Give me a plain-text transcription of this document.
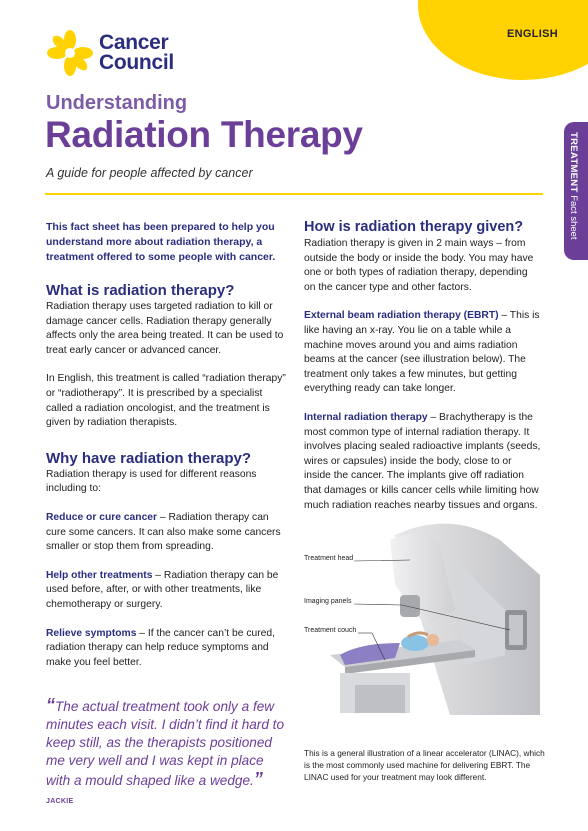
ENGLISH
Cancer
Council
Understanding
Radiation Therapy
A guide for people affected by cancer	TREATMENT Fact sheet

This fact sheet has been prepared to help you understand more about radiation therapy, a treatment offered to some people with cancer.

What is radiation therapy?

Radiation therapy uses targeted radiation to kill or damage cancer cells. Radiation therapy generally affects only the area being treated. It can be used to treat early cancer or advanced cancer.

In English, this treatment is called “radiation therapy” or “radiotherapy”. It is prescribed by a specialist called a radiation oncologist, and the treatment is given by radiation therapists.

Why have radiation therapy?

Radiation therapy is used for different reasons including to:

Reduce or cure cancer – Radiation therapy can cure some cancers. It can also make some cancers smaller or stop them from spreading.

Help other treatments – Radiation therapy can be used before, after, or with other treatments, like chemotherapy or surgery.

Relieve symptoms – If the cancer can’t be cured, radiation therapy can help reduce symptoms and make you feel better.

“The actual treatment took only a few minutes each visit. I didn’t find it hard to keep still, as the therapists positioned me very well and I was kept in place with a mould shaped like a wedge.” JACKIE
How is radiation therapy given?

Radiation therapy is given in 2 main ways – from outside the body or inside the body. You may have one or both types of radiation therapy, depending on the cancer type and other factors.

External beam radiation therapy (EBRT) – This is like having an x-ray. You lie on a table while a machine moves around you and aims radiation beams at the cancer (see illustration below). The treatment only takes a few minutes, but getting everything ready can take longer.

Internal radiation therapy – Brachytherapy is the most common type of internal radiation therapy. It involves placing sealed radioactive implants (seeds, wires or capsules) inside the body, close to or inside the cancer. The implants give off radiation that damages or kills cancer cells while limiting how much radiation reaches nearby tissues and organs.

Treatment head
Imaging panels
Treatment couch
This is a general illustration of a linear accelerator (LINAC), which is the most commonly used machine for delivering EBRT. The LINAC used for your treatment may look different.
